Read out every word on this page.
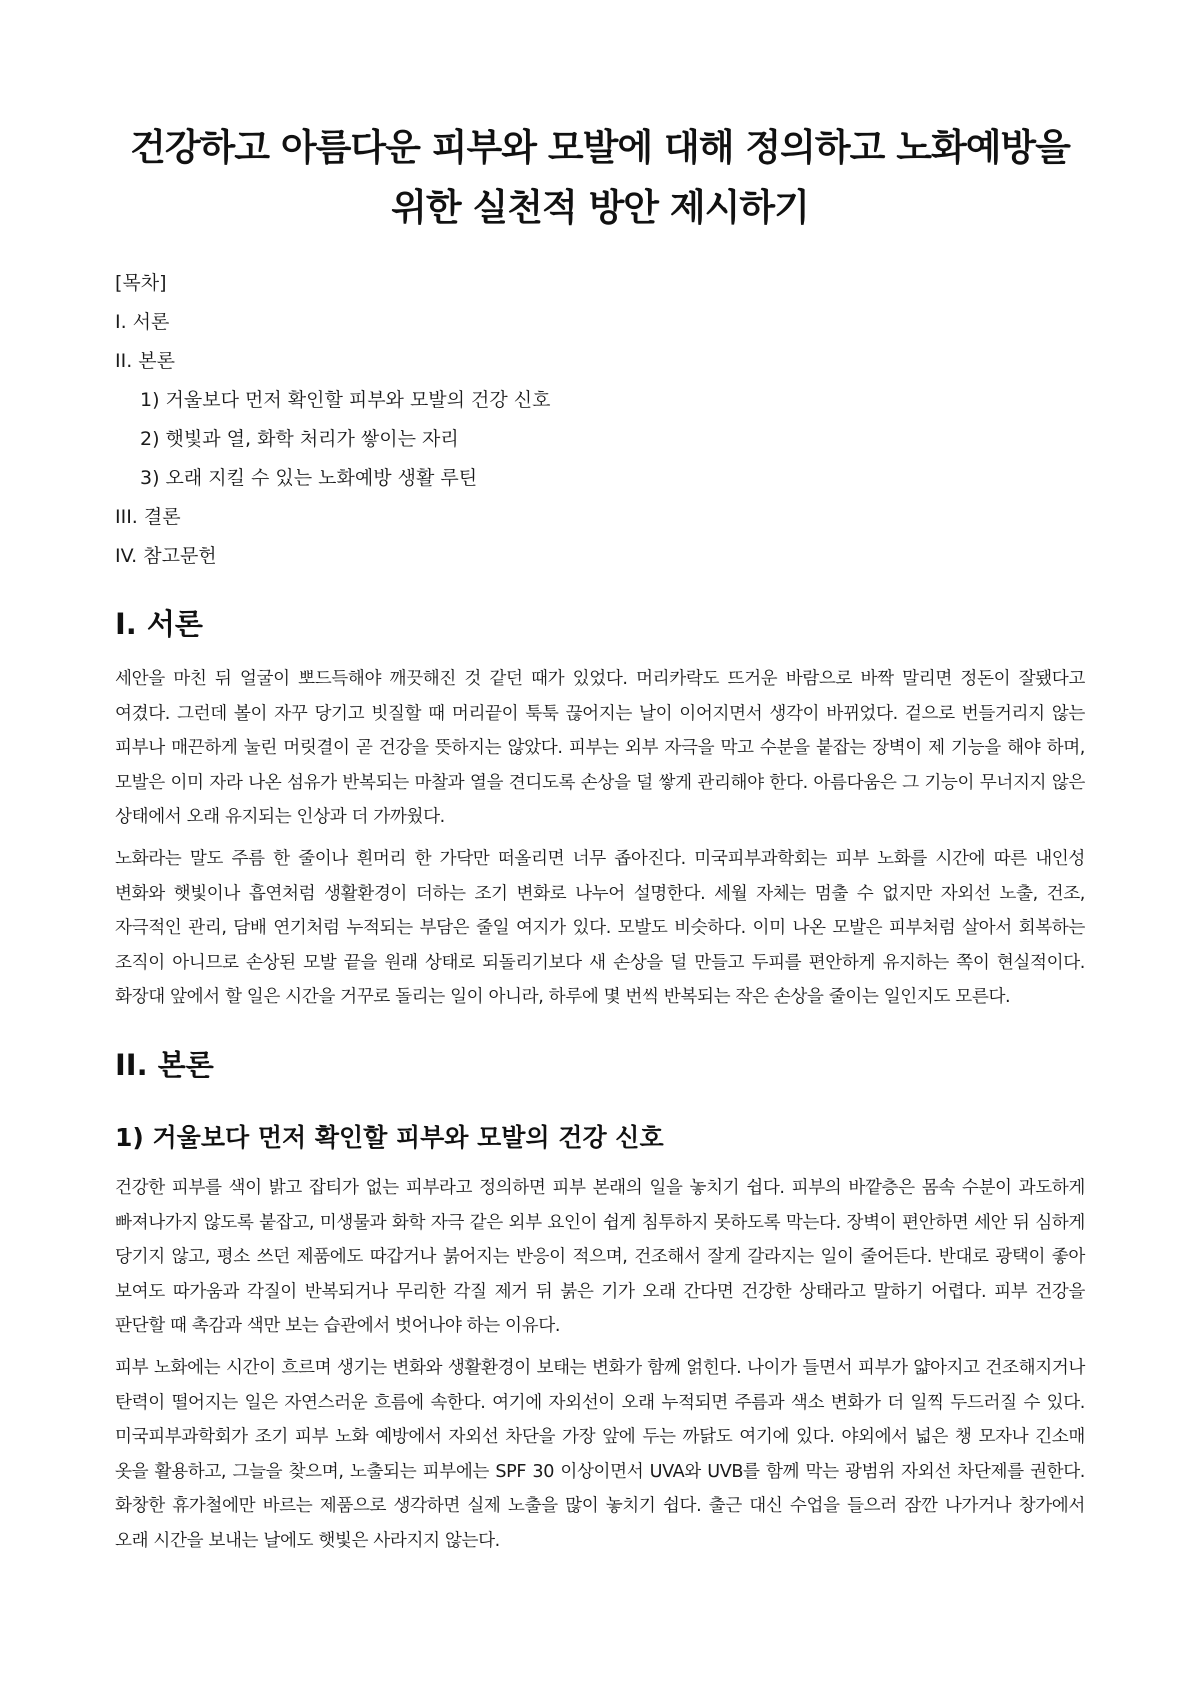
건강하고 아름다운 피부와 모발에 대해 정의하고 노화예방을 위한 실천적 방안 제시하기
[목차]
I. 서론
II. 본론
1) 거울보다 먼저 확인할 피부와 모발의 건강 신호
2) 햇빛과 열, 화학 처리가 쌓이는 자리
3) 오래 지킬 수 있는 노화예방 생활 루틴
III. 결론
IV. 참고문헌
I. 서론

세안을 마친 뒤 얼굴이 뽀드득해야 깨끗해진 것 같던 때가 있었다. 머리카락도 뜨거운 바람으로 바짝 말리면 정돈이 잘됐다고 여겼다. 그런데 볼이 자꾸 당기고 빗질할 때 머리끝이 툭툭 끊어지는 날이 이어지면서 생각이 바뀌었다. 겉으로 번들거리지 않는 피부나 매끈하게 눌린 머릿결이 곧 건강을 뜻하지는 않았다. 피부는 외부 자극을 막고 수분을 붙잡는 장벽이 제 기능을 해야 하며, 모발은 이미 자라 나온 섬유가 반복되는 마찰과 열을 견디도록 손상을 덜 쌓게 관리해야 한다. 아름다움은 그 기능이 무너지지 않은 상태에서 오래 유지되는 인상과 더 가까웠다.

노화라는 말도 주름 한 줄이나 흰머리 한 가닥만 떠올리면 너무 좁아진다. 미국피부과학회는 피부 노화를 시간에 따른 내인성 변화와 햇빛이나 흡연처럼 생활환경이 더하는 조기 변화로 나누어 설명한다. 세월 자체는 멈출 수 없지만 자외선 노출, 건조, 자극적인 관리, 담배 연기처럼 누적되는 부담은 줄일 여지가 있다. 모발도 비슷하다. 이미 나온 모발은 피부처럼 살아서 회복하는 조직이 아니므로 손상된 모발 끝을 원래 상태로 되돌리기보다 새 손상을 덜 만들고 두피를 편안하게 유지하는 쪽이 현실적이다. 화장대 앞에서 할 일은 시간을 거꾸로 돌리는 일이 아니라, 하루에 몇 번씩 반복되는 작은 손상을 줄이는 일인지도 모른다.

II. 본론
1) 거울보다 먼저 확인할 피부와 모발의 건강 신호

건강한 피부를 색이 밝고 잡티가 없는 피부라고 정의하면 피부 본래의 일을 놓치기 쉽다. 피부의 바깥층은 몸속 수분이 과도하게 빠져나가지 않도록 붙잡고, 미생물과 화학 자극 같은 외부 요인이 쉽게 침투하지 못하도록 막는다. 장벽이 편안하면 세안 뒤 심하게 당기지 않고, 평소 쓰던 제품에도 따갑거나 붉어지는 반응이 적으며, 건조해서 잘게 갈라지는 일이 줄어든다. 반대로 광택이 좋아 보여도 따가움과 각질이 반복되거나 무리한 각질 제거 뒤 붉은 기가 오래 간다면 건강한 상태라고 말하기 어렵다. 피부 건강을 판단할 때 촉감과 색만 보는 습관에서 벗어나야 하는 이유다.

피부 노화에는 시간이 흐르며 생기는 변화와 생활환경이 보태는 변화가 함께 얽힌다. 나이가 들면서 피부가 얇아지고 건조해지거나 탄력이 떨어지는 일은 자연스러운 흐름에 속한다. 여기에 자외선이 오래 누적되면 주름과 색소 변화가 더 일찍 두드러질 수 있다. 미국피부과학회가 조기 피부 노화 예방에서 자외선 차단을 가장 앞에 두는 까닭도 여기에 있다. 야외에서 넓은 챙 모자나 긴소매 옷을 활용하고, 그늘을 찾으며, 노출되는 피부에는 SPF 30 이상이면서 UVA와 UVB를 함께 막는 광범위 자외선 차단제를 권한다. 화창한 휴가철에만 바르는 제품으로 생각하면 실제 노출을 많이 놓치기 쉽다. 출근 대신 수업을 들으러 잠깐 나가거나 창가에서 오래 시간을 보내는 날에도 햇빛은 사라지지 않는다.
